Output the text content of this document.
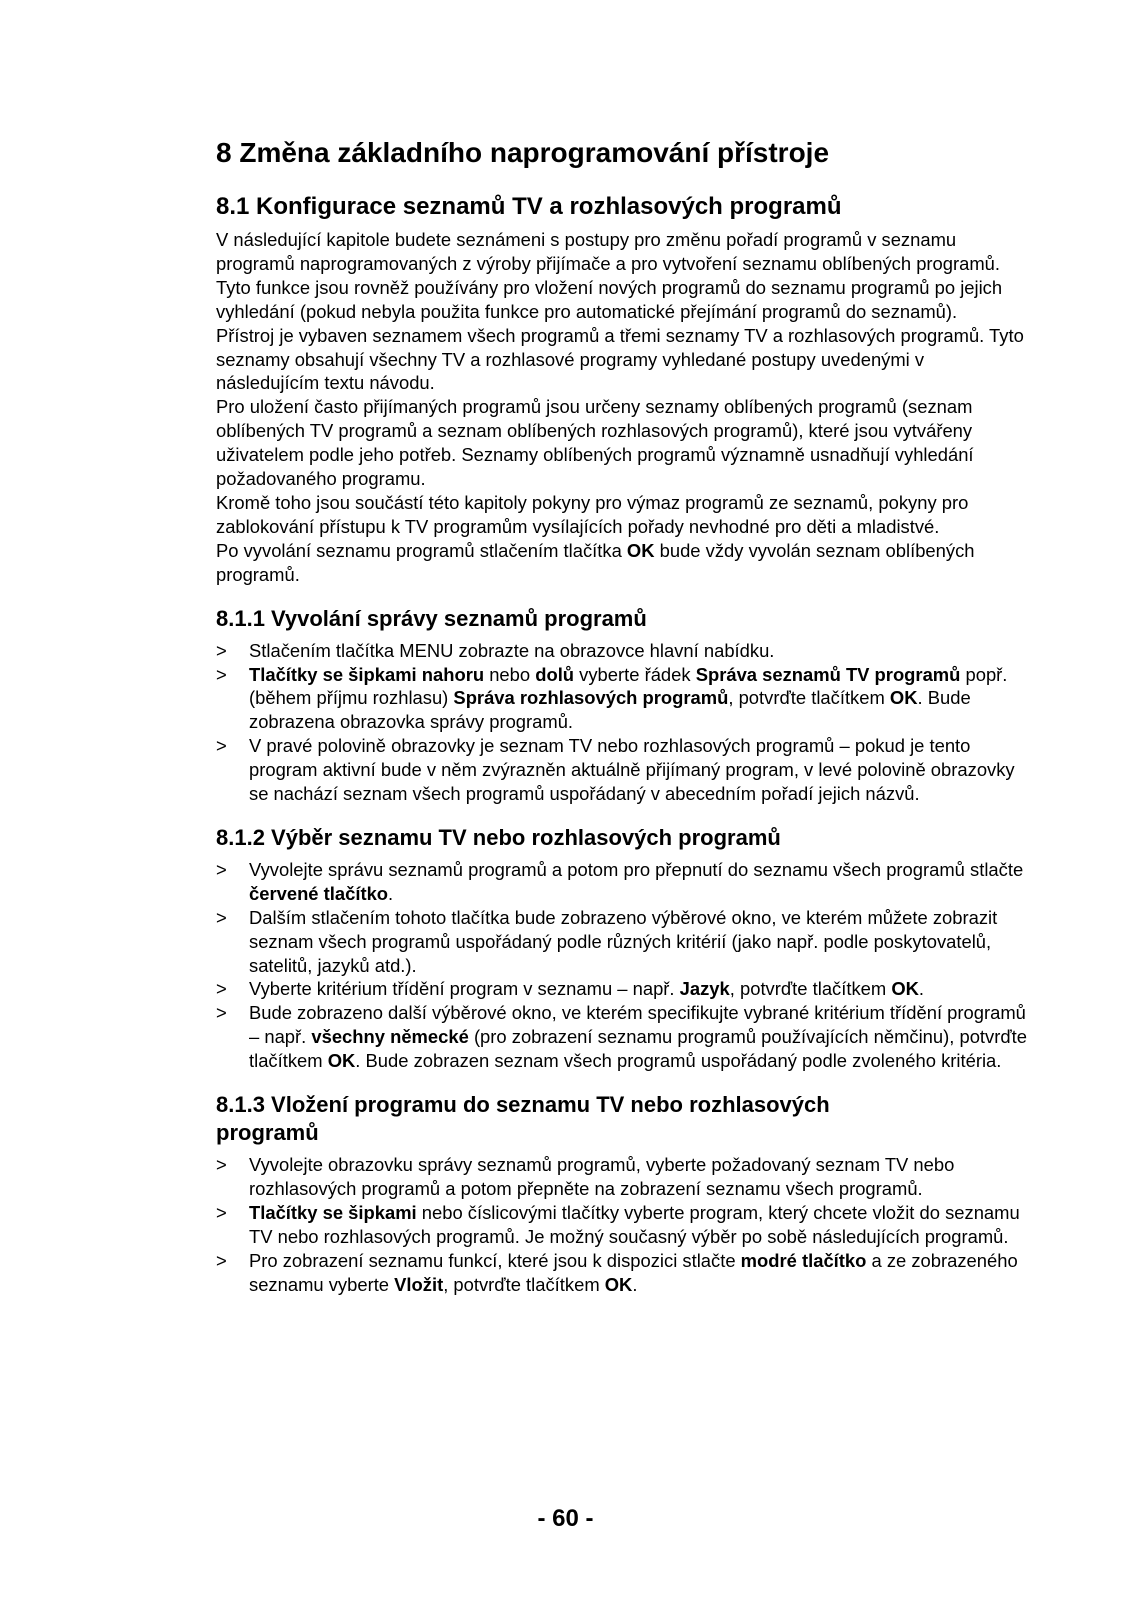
8 Změna základního naprogramování přístroje
8.1 Konfigurace seznamů TV a rozhlasových programů

V následující kapitole budete seznámeni s postupy pro změnu pořadí programů v seznamu programů naprogramovaných z výroby přijímače a pro vytvoření seznamu oblíbených programů. Tyto funkce jsou rovněž používány pro vložení nových programů do seznamu programů po jejich vyhledání (pokud nebyla použita funkce pro automatické přejímání programů do seznamů).

Přístroj je vybaven seznamem všech programů a třemi seznamy TV a rozhlasových programů. Tyto seznamy obsahují všechny TV a rozhlasové programy vyhledané postupy uvedenými v následujícím textu návodu.

Pro uložení často přijímaných programů jsou určeny seznamy oblíbených programů (seznam oblíbených TV programů a seznam oblíbených rozhlasových programů), které jsou vytvářeny uživatelem podle jeho potřeb. Seznamy oblíbených programů významně usnadňují vyhledání požadovaného programu.

Kromě toho jsou součástí této kapitoly pokyny pro výmaz programů ze seznamů, pokyny pro zablokování přístupu k TV programům vysílajících pořady nevhodné pro děti a mladistvé.

Po vyvolání seznamu programů stlačením tlačítka OK bude vždy vyvolán seznam oblíbených programů.

8.1.1 Vyvolání správy seznamů programů
> Stlačením tlačítka MENU zobrazte na obrazovce hlavní nabídku.
> Tlačítky se šipkami nahoru nebo dolů vyberte řádek Správa seznamů TV programů popř. (během příjmu rozhlasu) Správa rozhlasových programů, potvrďte tlačítkem OK. Bude zobrazena obrazovka správy programů.
> V pravé polovině obrazovky je seznam TV nebo rozhlasových programů – pokud je tento program aktivní bude v něm zvýrazněn aktuálně přijímaný program, v levé polovině obrazovky se nachází seznam všech programů uspořádaný v abecedním pořadí jejich názvů.
8.1.2 Výběr seznamu TV nebo rozhlasových programů
> Vyvolejte správu seznamů programů a potom pro přepnutí do seznamu všech programů stlačte červené tlačítko.
> Dalším stlačením tohoto tlačítka bude zobrazeno výběrové okno, ve kterém můžete zobrazit seznam všech programů uspořádaný podle různých kritérií (jako např. podle poskytovatelů, satelitů, jazyků atd.).
> Vyberte kritérium třídění program v seznamu – např. Jazyk, potvrďte tlačítkem OK.
> Bude zobrazeno další výběrové okno, ve kterém specifikujte vybrané kritérium třídění programů – např. všechny německé (pro zobrazení seznamu programů používajících němčinu), potvrďte tlačítkem OK. Bude zobrazen seznam všech programů uspořádaný podle zvoleného kritéria.
8.1.3 Vložení programu do seznamu TV nebo rozhlasových programů
> Vyvolejte obrazovku správy seznamů programů, vyberte požadovaný seznam TV nebo rozhlasových programů a potom přepněte na zobrazení seznamu všech programů.
> Tlačítky se šipkami nebo číslicovými tlačítky vyberte program, který chcete vložit do seznamu TV nebo rozhlasových programů. Je možný současný výběr po sobě následujících programů.
> Pro zobrazení seznamu funkcí, které jsou k dispozici stlačte modré tlačítko a ze zobrazeného seznamu vyberte Vložit, potvrďte tlačítkem OK.
- 60 -
